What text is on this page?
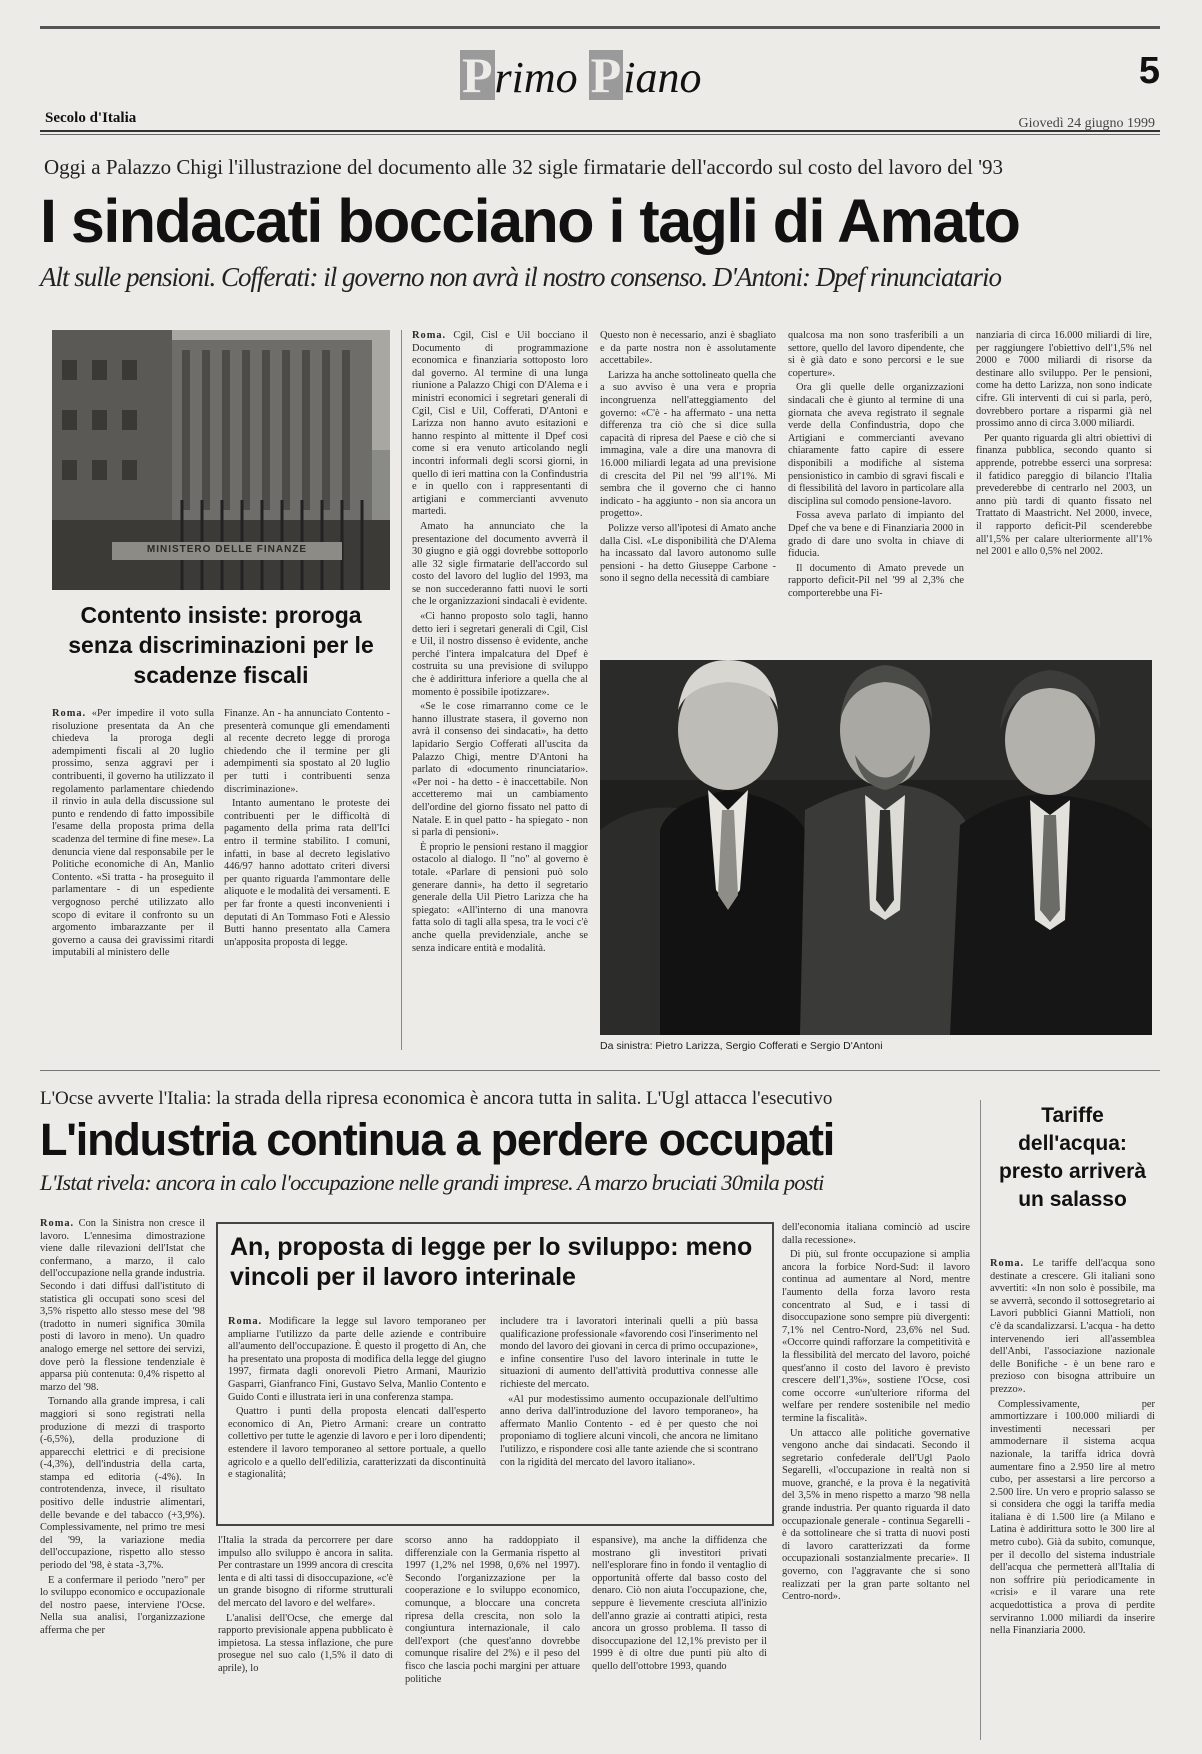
5
Primo Piano
Secolo d'Italia	Giovedì 24 giugno 1999
Oggi a Palazzo Chigi l'illustrazione del documento alle 32 sigle firmatarie dell'accordo sul costo del lavoro del '93
I sindacati bocciano i tagli di Amato
Alt sulle pensioni. Cofferati: il governo non avrà il nostro consenso. D'Antoni: Dpef rinunciatario
MINISTERO DELLE FINANZE
Contento insiste: proroga senza discriminazioni per le scadenze fiscali

Roma. «Per impedire il voto sulla risoluzione presentata da An che chiedeva la proroga degli adempimenti fiscali al 20 luglio prossimo, senza aggravi per i contribuenti, il governo ha utilizzato il regolamento parlamentare chiedendo il rinvio in aula della discussione sul punto e rendendo di fatto impossibile l'esame della proposta prima della scadenza del termine di fine mese». La denuncia viene dal responsabile per le Politiche economiche di An, Manlio Contento. «Si tratta - ha proseguito il parlamentare - di un espediente vergognoso perché utilizzato allo scopo di evitare il confronto su un argomento imbarazzante per il governo a causa dei gravissimi ritardi imputabili al ministero delle

Finanze. An - ha annunciato Contento - presenterà comunque gli emendamenti al recente decreto legge di proroga chiedendo che il termine per gli adempimenti sia spostato al 20 luglio per tutti i contribuenti senza discriminazione».

Intanto aumentano le proteste dei contribuenti per le difficoltà di pagamento della prima rata dell'Ici entro il termine stabilito. I comuni, infatti, in base al decreto legislativo 446/97 hanno adottato criteri diversi per quanto riguarda l'ammontare delle aliquote e le modalità dei versamenti. E per far fronte a questi inconvenienti i deputati di An Tommaso Foti e Alessio Butti hanno presentato alla Camera un'apposita proposta di legge.

Roma. Cgil, Cisl e Uil bocciano il Documento di programmazione economica e finanziaria sottoposto loro dal governo. Al termine di una lunga riunione a Palazzo Chigi con D'Alema e i ministri economici i segretari generali di Cgil, Cisl e Uil, Cofferati, D'Antoni e Larizza non hanno avuto esitazioni e hanno respinto al mittente il Dpef così come si era venuto articolando negli incontri informali degli scorsi giorni, in quello di ieri mattina con la Confindustria e in quello con i rappresentanti di artigiani e commercianti avvenuto martedì.

Amato ha annunciato che la presentazione del documento avverrà il 30 giugno e già oggi dovrebbe sottoporlo alle 32 sigle firmatarie dell'accordo sul costo del lavoro del luglio del 1993, ma se non succederanno fatti nuovi le sorti che le organizzazioni sindacali è evidente.

«Ci hanno proposto solo tagli, hanno detto ieri i segretari generali di Cgil, Cisl e Uil, il nostro dissenso è evidente, anche perché l'intera impalcatura del Dpef è costruita su una previsione di sviluppo che è addirittura inferiore a quella che al momento è possibile ipotizzare».

«Se le cose rimarranno come ce le hanno illustrate stasera, il governo non avrà il consenso dei sindacati», ha detto lapidario Sergio Cofferati all'uscita da Palazzo Chigi, mentre D'Antoni ha parlato di «documento rinunciatario». «Per noi - ha detto - è inaccettabile. Non accetteremo mai un cambiamento dell'ordine del giorno fissato nel patto di Natale. E in quel patto - ha spiegato - non si parla di pensioni».

È proprio le pensioni restano il maggior ostacolo al dialogo. Il "no" al governo è totale. «Parlare di pensioni può solo generare danni», ha detto il segretario generale della Uil Pietro Larizza che ha spiegato: «All'interno di una manovra fatta solo di tagli alla spesa, tra le voci c'è anche quella previdenziale, anche se senza indicare entità e modalità.

Questo non è necessario, anzi è sbagliato e da parte nostra non è assolutamente accettabile».

Larizza ha anche sottolineato quella che a suo avviso è una vera e propria incongruenza nell'atteggiamento del governo: «C'è - ha affermato - una netta differenza tra ciò che si dice sulla capacità di ripresa del Paese e ciò che si immagina, vale a dire una manovra di 16.000 miliardi legata ad una previsione di crescita del Pil nel '99 all'1%. Mi sembra che il governo che ci hanno indicato - ha aggiunto - non sia ancora un progetto».

Polizze verso all'ipotesi di Amato anche dalla Cisl. «Le disponibilità che D'Alema ha incassato dal lavoro autonomo sulle pensioni - ha detto Giuseppe Carbone - sono il segno della necessità di cambiare

qualcosa ma non sono trasferibili a un settore, quello del lavoro dipendente, che si è già dato e sono percorsi e le sue coperture».

Ora gli quelle delle organizzazioni sindacali che è giunto al termine di una giornata che aveva registrato il segnale verde della Confindustria, dopo che Artigiani e commercianti avevano chiaramente fatto capire di essere disponibili a modifiche al sistema pensionistico in cambio di sgravi fiscali e di flessibilità del lavoro in particolare alla disciplina sul comodo pensione-lavoro.

Fossa aveva parlato di impianto del Dpef che va bene e di Finanziaria 2000 in grado di dare uno svolta in chiave di fiducia.

Il documento di Amato prevede un rapporto deficit-Pil nel '99 al 2,3% che comporterebbe una Fi-

nanziaria di circa 16.000 miliardi di lire, per raggiungere l'obiettivo dell'1,5% nel 2000 e 7000 miliardi di risorse da destinare allo sviluppo. Per le pensioni, come ha detto Larizza, non sono indicate cifre. Gli interventi di cui si parla, però, dovrebbero portare a risparmi già nel prossimo anno di circa 3.000 miliardi.

Per quanto riguarda gli altri obiettivi di finanza pubblica, secondo quanto si apprende, potrebbe esserci una sorpresa: il fatidico pareggio di bilancio l'Italia prevederebbe di centrarlo nel 2003, un anno più tardi di quanto fissato nel Trattato di Maastricht. Nel 2000, invece, il rapporto deficit-Pil scenderebbe all'1,5% per calare ulteriormente all'1% nel 2001 e allo 0,5% nel 2002.

Da sinistra: Pietro Larizza, Sergio Cofferati e Sergio D'Antoni
L'Ocse avverte l'Italia: la strada della ripresa economica è ancora tutta in salita. L'Ugl attacca l'esecutivo
L'industria continua a perdere occupati
L'Istat rivela: ancora in calo l'occupazione nelle grandi imprese. A marzo bruciati 30mila posti
Tariffe dell'acqua: presto arriverà un salasso

Roma. Le tariffe dell'acqua sono destinate a crescere. Gli italiani sono avvertiti: «In non solo è possibile, ma se avverrà, secondo il sottosegretario ai Lavori pubblici Gianni Mattioli, non c'è da scandalizzarsi. L'acqua - ha detto intervenendo ieri all'assemblea dell'Anbi, l'associazione nazionale delle Bonifiche - è un bene raro e prezioso con bisogna attribuire un prezzo».

Complessivamente, per ammortizzare i 100.000 miliardi di investimenti necessari per ammodernare il sistema acqua nazionale, la tariffa idrica dovrà aumentare fino a 2.950 lire al metro cubo, per assestarsi a lire percorso a 2.500 lire. Un vero e proprio salasso se si considera che oggi la tariffa media italiana è di 1.500 lire (a Milano e Latina è addirittura sotto le 300 lire al metro cubo). Già da subito, comunque, per il decollo del sistema industriale dell'acqua che permetterà all'Italia di non soffrire più periodicamente in «crisi» e il varare una rete acquedottistica a prova di perdite serviranno 1.000 miliardi da inserire nella Finanziaria 2000.

Roma. Con la Sinistra non cresce il lavoro. L'ennesima dimostrazione viene dalle rilevazioni dell'Istat che confermano, a marzo, il calo dell'occupazione nella grande industria. Secondo i dati diffusi dall'istituto di statistica gli occupati sono scesi del 3,5% rispetto allo stesso mese del '98 (tradotto in numeri significa 30mila posti di lavoro in meno). Un quadro analogo emerge nel settore dei servizi, dove però la flessione tendenziale è apparsa più contenuta: 0,4% rispetto al marzo del '98.

Tornando alla grande impresa, i cali maggiori si sono registrati nella produzione di mezzi di trasporto (-6,5%), della produzione di apparecchi elettrici e di precisione (-4,3%), dell'industria della carta, stampa ed editoria (-4%). In controtendenza, invece, il risultato positivo delle industrie alimentari, delle bevande e del tabacco (+3,9%). Complessivamente, nel primo tre mesi del '99, la variazione media dell'occupazione, rispetto allo stesso periodo del '98, è stata -3,7%.

E a confermare il periodo "nero" per lo sviluppo economico e occupazionale del nostro paese, interviene l'Ocse. Nella sua analisi, l'organizzazione afferma che per

An, proposta di legge per lo sviluppo: meno vincoli per il lavoro interinale

Roma. Modificare la legge sul lavoro temporaneo per ampliarne l'utilizzo da parte delle aziende e contribuire all'aumento dell'occupazione. È questo il progetto di An, che ha presentato una proposta di modifica della legge del giugno 1997, firmata dagli onorevoli Pietro Armani, Maurizio Gasparri, Gianfranco Fini, Gustavo Selva, Manlio Contento e Guido Conti e illustrata ieri in una conferenza stampa.

Quattro i punti della proposta elencati dall'esperto economico di An, Pietro Armani: creare un contratto collettivo per tutte le agenzie di lavoro e per i loro dipendenti; estendere il lavoro temporaneo al settore portuale, a quello agricolo e a quello dell'edilizia, caratterizzati da discontinuità e stagionalità;

includere tra i lavoratori interinali quelli a più bassa qualificazione professionale «favorendo così l'inserimento nel mondo del lavoro dei giovani in cerca di primo occupazione», e infine consentire l'uso del lavoro interinale in tutte le situazioni di aumento dell'attività produttiva connesse alle richieste del mercato.

«Al pur modestissimo aumento occupazionale dell'ultimo anno deriva dall'introduzione del lavoro temporaneo», ha affermato Manlio Contento - ed è per questo che noi proponiamo di togliere alcuni vincoli, che ancora ne limitano l'utilizzo, e rispondere così alle tante aziende che si scontrano con la rigidità del mercato del lavoro italiano».

l'Italia la strada da percorrere per dare impulso allo sviluppo è ancora in salita. Per contrastare un 1999 ancora di crescita lenta e di alti tassi di disoccupazione, «c'è un grande bisogno di riforme strutturali del mercato del lavoro e del welfare».

L'analisi dell'Ocse, che emerge dal rapporto previsionale appena pubblicato è impietosa. La stessa inflazione, che pure prosegue nel suo calo (1,5% il dato di aprile), lo

scorso anno ha raddoppiato il differenziale con la Germania rispetto al 1997 (1,2% nel 1998, 0,6% nel 1997). Secondo l'organizzazione per la cooperazione e lo sviluppo economico, comunque, a bloccare una concreta ripresa della crescita, non solo la congiuntura internazionale, il calo dell'export (che quest'anno dovrebbe comunque risalire del 2%) e il peso del fisco che lascia pochi margini per attuare politiche

espansive), ma anche la diffidenza che mostrano gli investitori privati nell'esplorare fino in fondo il ventaglio di opportunità offerte dal basso costo del denaro. Ciò non aiuta l'occupazione, che, seppure è lievemente cresciuta all'inizio dell'anno grazie ai contratti atipici, resta ancora un grosso problema. Il tasso di disoccupazione del 12,1% previsto per il 1999 è di oltre due punti più alto di quello dell'ottobre 1993, quando

dell'economia italiana cominciò ad uscire dalla recessione».

Di più, sul fronte occupazione si amplia ancora la forbice Nord-Sud: il lavoro continua ad aumentare al Nord, mentre l'aumento della forza lavoro resta concentrato al Sud, e i tassi di disoccupazione sono sempre più divergenti: 7,1% nel Centro-Nord, 23,6% nel Sud. «Occorre quindi rafforzare la competitività e la flessibilità del mercato del lavoro, poiché quest'anno il costo del lavoro è previsto crescere dell'1,3%», sostiene l'Ocse, così come occorre «un'ulteriore riforma del welfare per rendere sostenibile nel medio termine la fiscalità».

Un attacco alle politiche governative vengono anche dai sindacati. Secondo il segretario confederale dell'Ugl Paolo Segarelli, «l'occupazione in realtà non si muove, granché, e la prova è la negatività del 3,5% in meno rispetto a marzo '98 nella grande industria. Per quanto riguarda il dato occupazionale generale - continua Segarelli - è da sottolineare che si tratta di nuovi posti di lavoro caratterizzati da forme occupazionali sostanzialmente precarie». Il governo, con l'aggravante che si sono realizzati per la gran parte soltanto nel Centro-nord».
